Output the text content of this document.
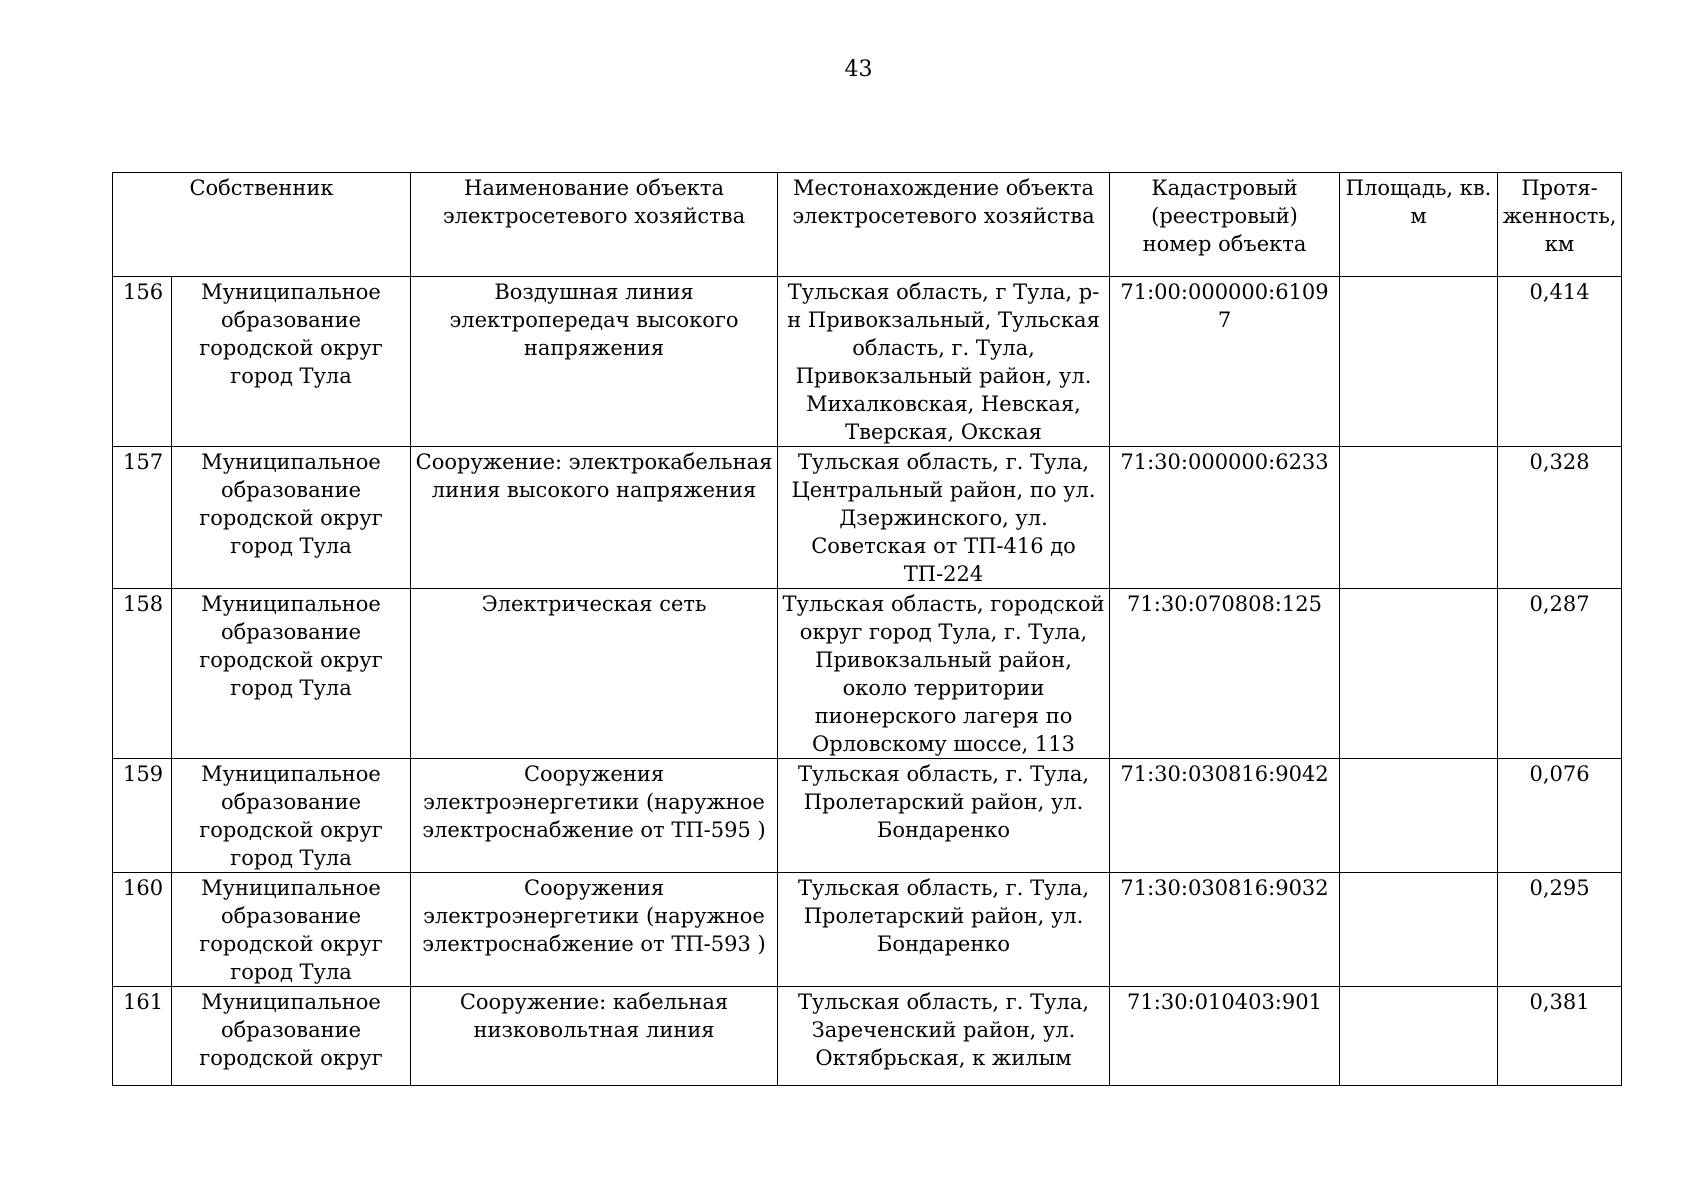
43
Собственник		Наименование объекта электросетевого хозяйства	Местонахождение объекта электросетевого хозяйства	Кадастровый (реестровый) номер объекта	Площадь, кв. м	Протя- женность, км
156	Муниципальное образование городской округ город Тула	Воздушная линия электропередач высокого напряжения	Тульская область, г Тула, р-н Привокзальный, Тульская область, г. Тула, Привокзальный район, ул. Михалковская, Невская, Тверская, Окская	71:00:000000:61097		0,414
157	Муниципальное образование городской округ город Тула	Сооружение: электрокабельная линия высокого напряжения	Тульская область, г. Тула, Центральный район, по ул. Дзержинского, ул. Советская от ТП-416 до ТП-224	71:30:000000:6233		0,328
158	Муниципальное образование городской округ город Тула	Электрическая сеть	Тульская область, городской округ город Тула, г. Тула, Привокзальный район, около территории пионерского лагеря по Орловскому шоссе, 113	71:30:070808:125		0,287
159	Муниципальное образование городской округ город Тула	Сооружения электроэнергетики (наружное электроснабжение от ТП-595 )	Тульская область, г. Тула, Пролетарский район, ул. Бондаренко	71:30:030816:9042		0,076
160	Муниципальное образование городской округ город Тула	Сооружения электроэнергетики (наружное электроснабжение от ТП-593 )	Тульская область, г. Тула, Пролетарский район, ул. Бондаренко	71:30:030816:9032		0,295
161	Муниципальное образование городской округ	Сооружение: кабельная низковольтная линия	Тульская область, г. Тула, Зареченский район, ул. Октябрьская, к жилым	71:30:010403:901		0,381
